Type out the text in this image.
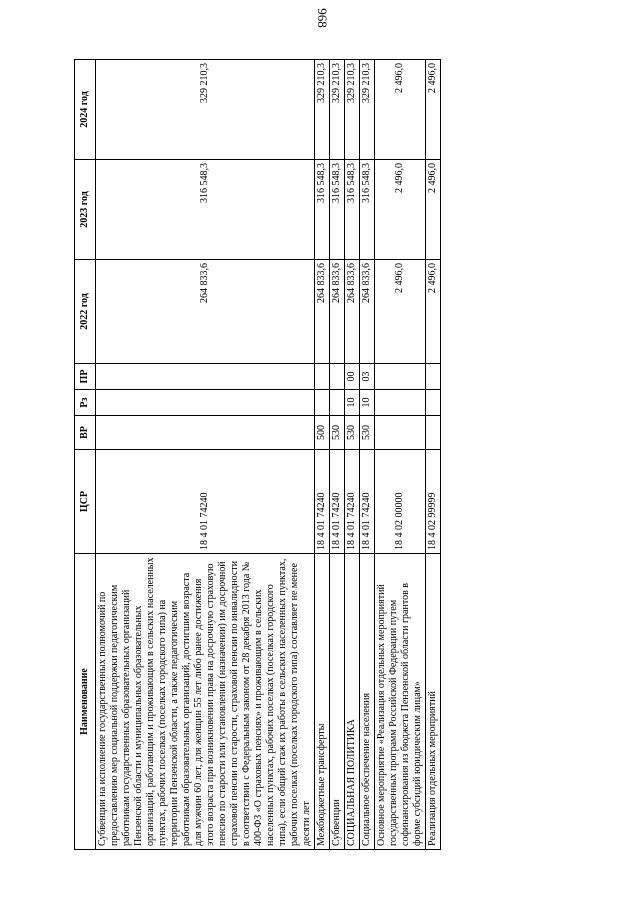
968
Наименование	ЦСР	ВР	Рз	ПР	2022 год	2023 год	2024 год
Субвенции на исполнение государственных полномочий по предоставлению мер социальной поддержки педагогическим работникам государственных образовательных организаций Пензенской области и муниципальных образовательных организаций, работающим и проживающим в сельских населенных пунктах, рабочих поселках (поселках городского типа) на территории Пензенской области, а также педагогическим работникам образовательных организаций, достигшим возраста для мужчин 60 лет, для женщин 55 лет либо ранее достижения этого возраста при возникновении права на досрочную страховую пенсию по старости или установлении (назначении) им досрочной страховой пенсии по старости, страховой пенсии по инвалидности в соответствии с Федеральным законом от 28 декабря 2013 года № 400-ФЗ «О страховых пенсиях» и проживающим в сельских населенных пунктах, рабочих поселках (поселках городского типа), если общий стаж их работы в сельских населенных пунктах, рабочих поселках (поселках городского типа) составляет не менее десяти лет	18 4 01 74240				264 833,6	316 548,3	329 210,3
Межбюджетные трансферты	18 4 01 74240	500			264 833,6	316 548,3	329 210,3
Субвенции	18 4 01 74240	530			264 833,6	316 548,3	329 210,3
СОЦИАЛЬНАЯ ПОЛИТИКА	18 4 01 74240	530	10	00	264 833,6	316 548,3	329 210,3
Социальное обеспечение населения	18 4 01 74240	530	10	03	264 833,6	316 548,3	329 210,3
Основное мероприятие «Реализация отдельных мероприятий государственных программ Российской Федерации путем софинансирования из бюджета Пензенской области грантов в форме субсидий юридическим лицам»	18 4 02 00000				2 496,0	2 496,0	2 496,0
Реализация отдельных мероприятий	18 4 02 99999				2 496,0	2 496,0	2 496,0
